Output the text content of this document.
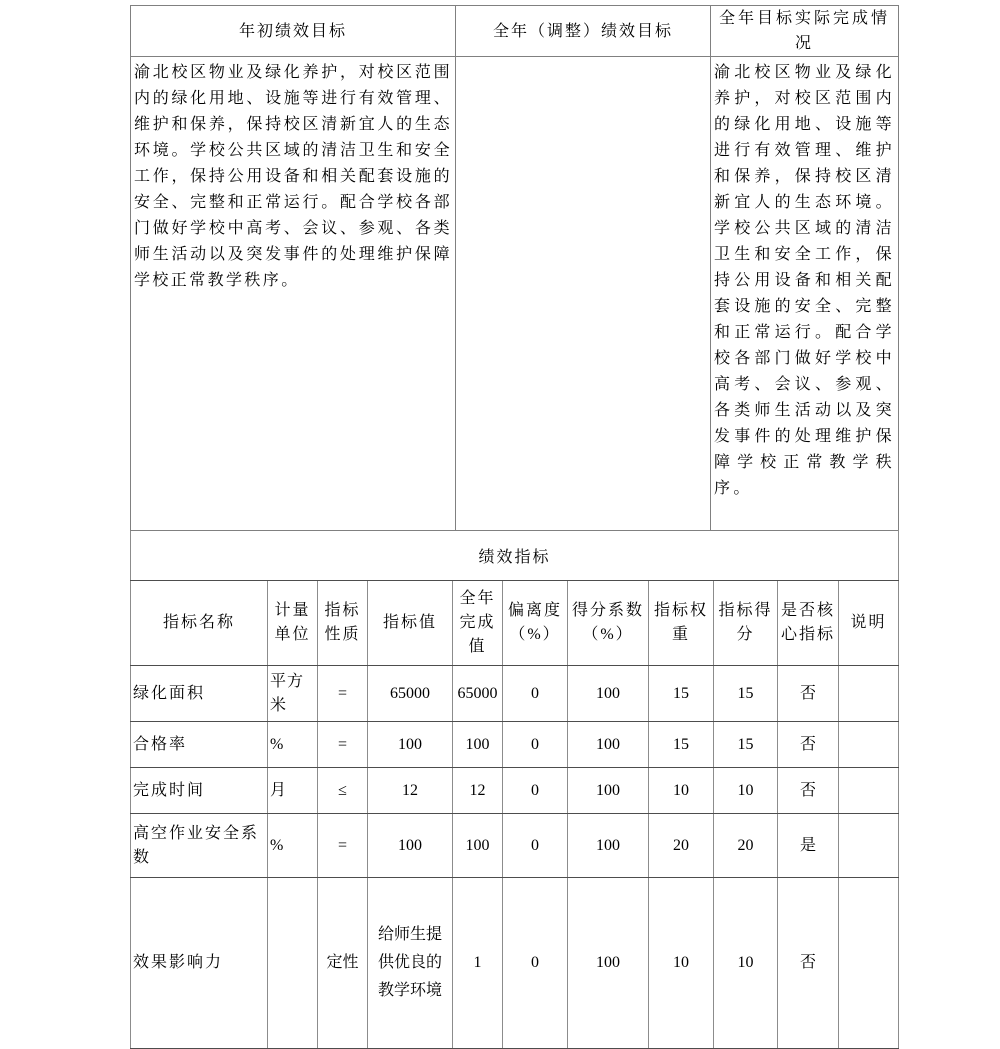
年初绩效目标	全年（调整）绩效目标	全年目标实际完成情况
渝北校区物业及绿化养护，对校区范围内的绿化用地、设施等进行有效管理、维护和保养，保持校区清新宜人的生态环境。学校公共区域的清洁卫生和安全工作，保持公用设备和相关配套设施的安全、完整和正常运行。配合学校各部门做好学校中高考、会议、参观、各类师生活动以及突发事件的处理维护保障学校正常教学秩序。		渝北校区物业及绿化养护，对校区范围内的绿化用地、设施等进行有效管理、维护和保养，保持校区清新宜人的生态环境。学校公共区域的清洁卫生和安全工作，保持公用设备和相关配套设施的安全、完整和正常运行。配合学校各部门做好学校中高考、会议、参观、各类师生活动以及突发事件的处理维护保障学校正常教学秩序。
绩效指标										
指标名称	计量单位	指标性质	指标值	全年完成值	偏离度（%）	得分系数（%）	指标权重	指标得分	是否核心指标	说明
绿化面积	平方米	=	65000	65000	0	100	15	15	否	
合格率	%	=	100	100	0	100	15	15	否	
完成时间	月	≤	12	12	0	100	10	10	否	
高空作业安全系数	%	=	100	100	0	100	20	20	是	
效果影响力		定性	给师生提供优良的教学环境	1	0	100	10	10	否	
